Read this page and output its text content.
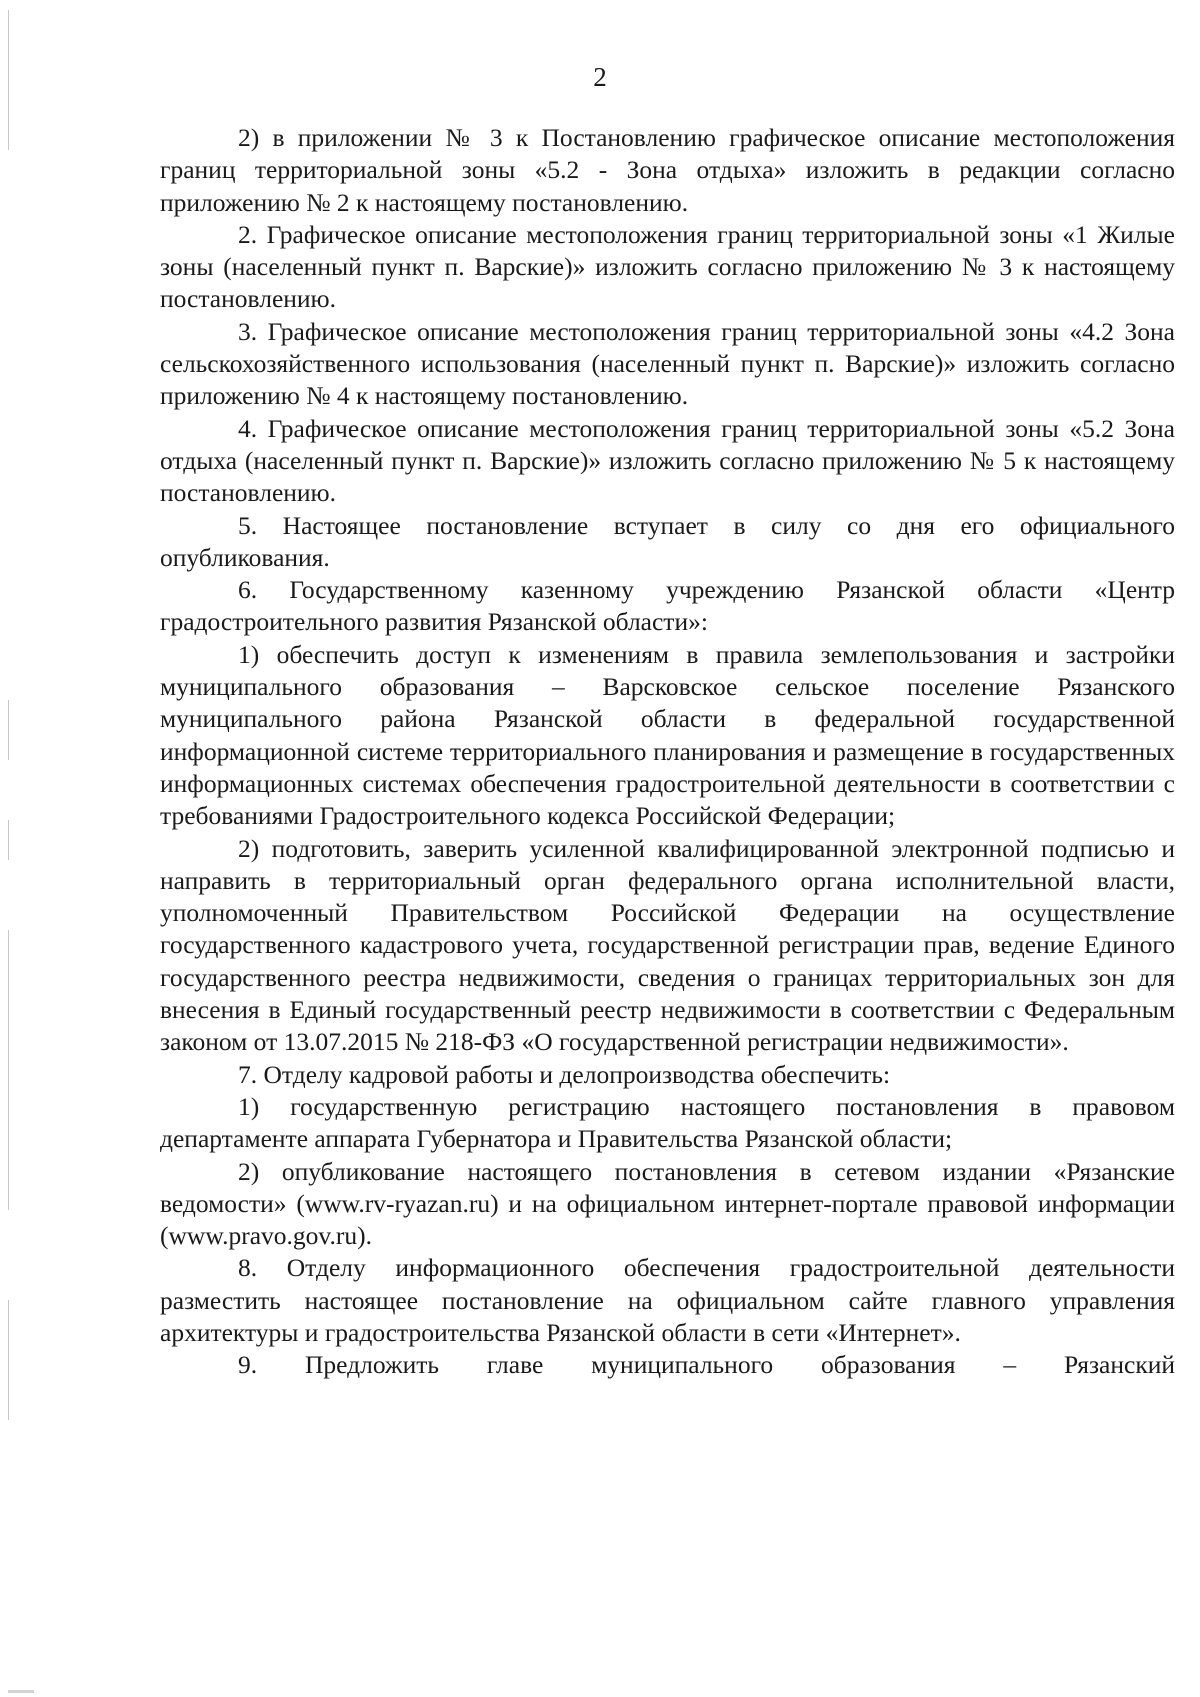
2

2) в приложении № 3 к Постановлению графическое описание местоположения границ территориальной зоны «5.2 - Зона отдыха» изложить в редакции согласно приложению № 2 к настоящему постановлению.

2. Графическое описание местоположения границ территориальной зоны «1 Жилые зоны (населенный пункт п. Варские)» изложить согласно приложению № 3 к настоящему постановлению.

3. Графическое описание местоположения границ территориальной зоны «4.2 Зона сельскохозяйственного использования (населенный пункт п. Варские)» изложить согласно приложению № 4 к настоящему постановлению.

4. Графическое описание местоположения границ территориальной зоны «5.2 Зона отдыха (населенный пункт п. Варские)» изложить согласно приложению № 5 к настоящему постановлению.

5. Настоящее постановление вступает в силу со дня его официального опубликования.

6. Государственному казенному учреждению Рязанской области «Центр градостроительного развития Рязанской области»:

1) обеспечить доступ к изменениям в правила землепользования и застройки муниципального образования – Варсковское сельское поселение Рязанского муниципального района Рязанской области в федеральной государственной информационной системе территориального планирования и размещение в государственных информационных системах обеспечения градостроительной деятельности в соответствии с требованиями Градостроительного кодекса Российской Федерации;

2) подготовить, заверить усиленной квалифицированной электронной подписью и направить в территориальный орган федерального органа исполнительной власти, уполномоченный Правительством Российской Федерации на осуществление государственного кадастрового учета, государственной регистрации прав, ведение Единого государственного реестра недвижимости, сведения о границах территориальных зон для внесения в Единый государственный реестр недвижимости в соответствии с Федеральным законом от 13.07.2015 № 218-ФЗ «О государственной регистрации недвижимости».

7. Отделу кадровой работы и делопроизводства обеспечить:

1) государственную регистрацию настоящего постановления в правовом департаменте аппарата Губернатора и Правительства Рязанской области;

2) опубликование настоящего постановления в сетевом издании «Рязанские ведомости» (www.rv-ryazan.ru) и на официальном интернет-портале правовой информации (www.pravo.gov.ru).

8. Отделу информационного обеспечения градостроительной деятельности разместить настоящее постановление на официальном сайте главного управления архитектуры и градостроительства Рязанской области в сети «Интернет».

9. Предложить главе муниципального образования – Рязанский
